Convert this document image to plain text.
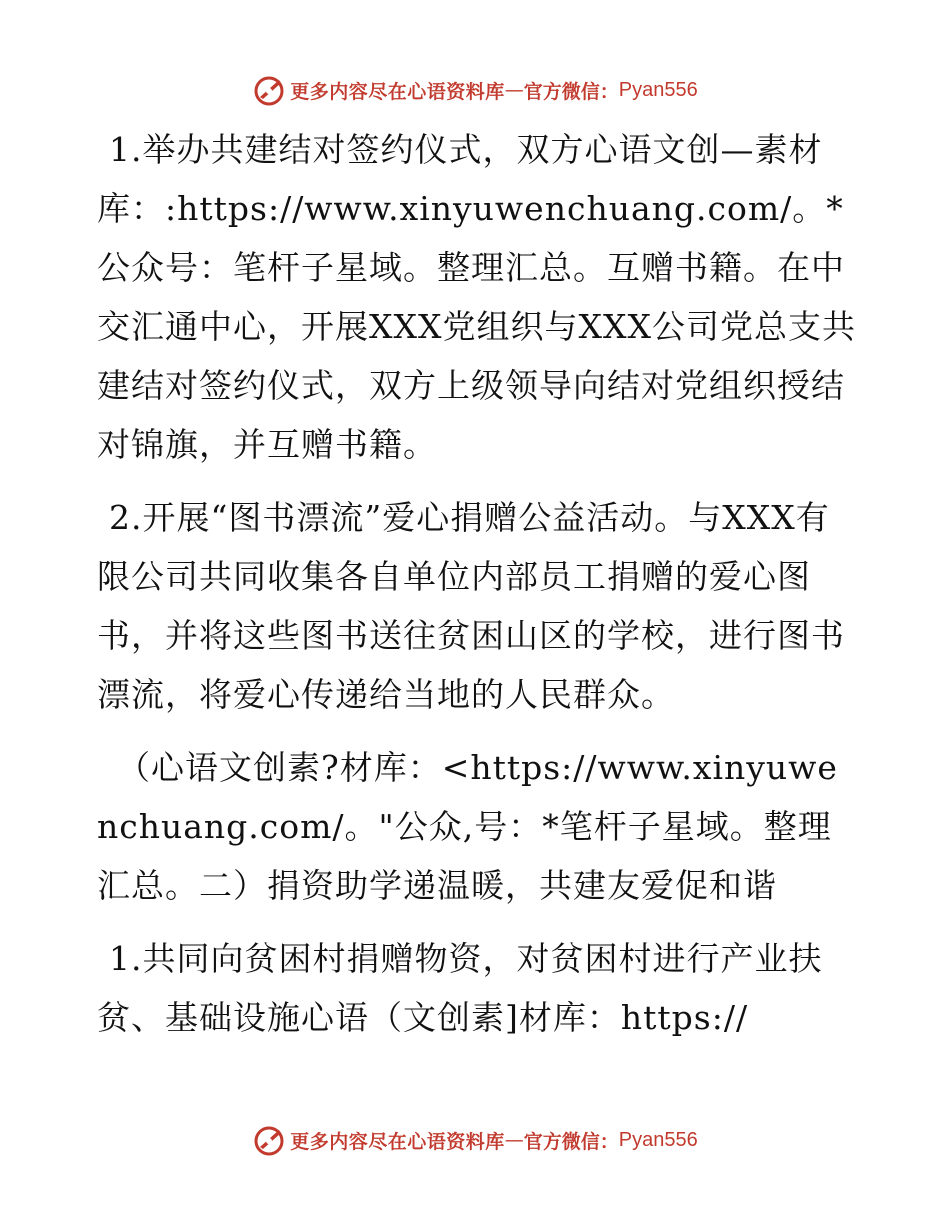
更多内容尽在心语资料库 — 官方微信： Pyan556

1.举办共建结对签约仪式，双方心语文创—素材库：:https://www.xinyuwenchuang.com/。*公众号：笔杆子星域。整理汇总。互赠书籍。在中交汇通中心，开展XXX党组织与XXX公司党总支共建结对签约仪式，双方上级领导向结对党组织授结对锦旗，并互赠书籍。

2.开展“图书漂流”爱心捐赠公益活动。与XXX有限公司共同收集各自单位内部员工捐赠的爱心图书，并将这些图书送往贫困山区的学校，进行图书漂流，将爱心传递给当地的人民群众。

（心语文创素?材库：<https://www.xinyuwenchuang.com/。"公众,号：*笔杆子星域。整理汇总。二）捐资助学递温暖，共建友爱促和谐

1.共同向贫困村捐赠物资，对贫困村进行产业扶贫、基础设施心语（文创素]材库：https://

更多内容尽在心语资料库 — 官方微信： Pyan556
